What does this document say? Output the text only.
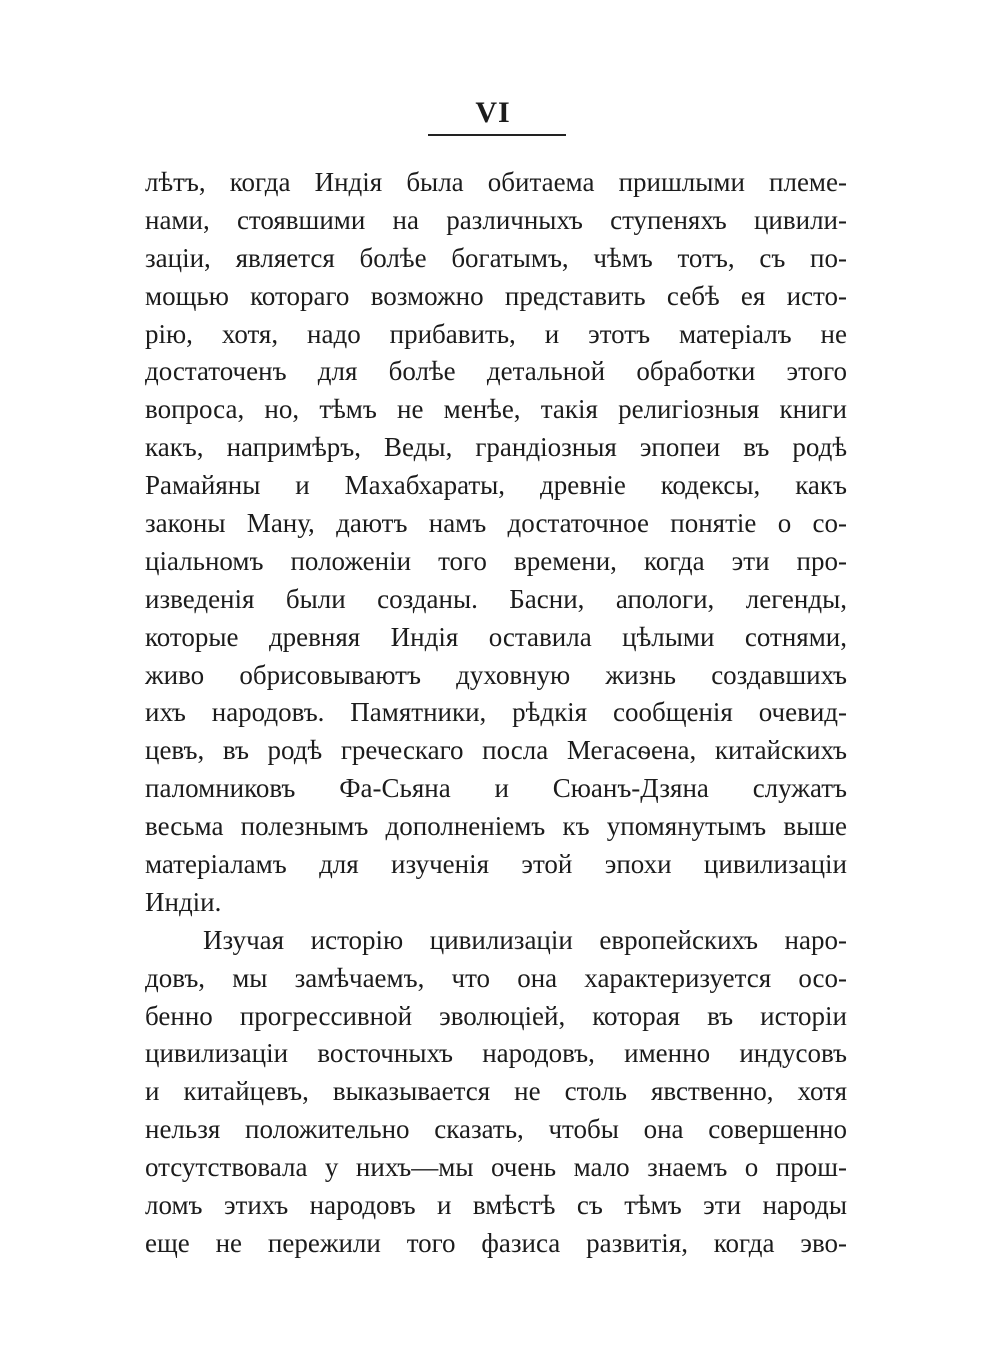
VI
лѣтъ, когда Индія была обитаема пришлыми племе-
нами, стоявшими на различныхъ ступеняхъ цивили-
заціи, является болѣе богатымъ, чѣмъ тотъ, съ по-
мощью котораго возможно представить себѣ ея исто-
рію, хотя, надо прибавить, и этотъ матеріалъ не
достаточенъ для болѣе детальной обработки этого
вопроса, но, тѣмъ не менѣе, такія религіозныя книги
какъ, напримѣръ, Веды, грандіозныя эпопеи въ родѣ
Рамайяны и Махабхараты, древніе кодексы, какъ
законы Ману, даютъ намъ достаточное понятіе о со-
ціальномъ положеніи того времени, когда эти про-
изведенія были созданы. Басни, апологи, легенды,
которые древняя Индія оставила цѣлыми сотнями,
живо обрисовываютъ духовную жизнь создавшихъ
ихъ народовъ. Памятники, рѣдкія сообщенія очевид-
цевъ, въ родѣ греческаго посла Мегасѳена, китайскихъ
паломниковъ Фа-Сьяна и Сюанъ-Дзяна служатъ
весьма полезнымъ дополненіемъ къ упомянутымъ выше
матеріаламъ для изученія этой эпохи цивилизаціи
Индіи.
Изучая исторію цивилизаціи европейскихъ наро-
довъ, мы замѣчаемъ, что она характеризуется осо-
бенно прогрессивной эволюціей, которая въ исторіи
цивилизаціи восточныхъ народовъ, именно индусовъ
и китайцевъ, выказывается не столь явственно, хотя
нельзя положительно сказать, чтобы она совершенно
отсутствовала у нихъ—мы очень мало знаемъ о прош-
ломъ этихъ народовъ и вмѣстѣ съ тѣмъ эти народы
еще не пережили того фазиса развитія, когда эво-
